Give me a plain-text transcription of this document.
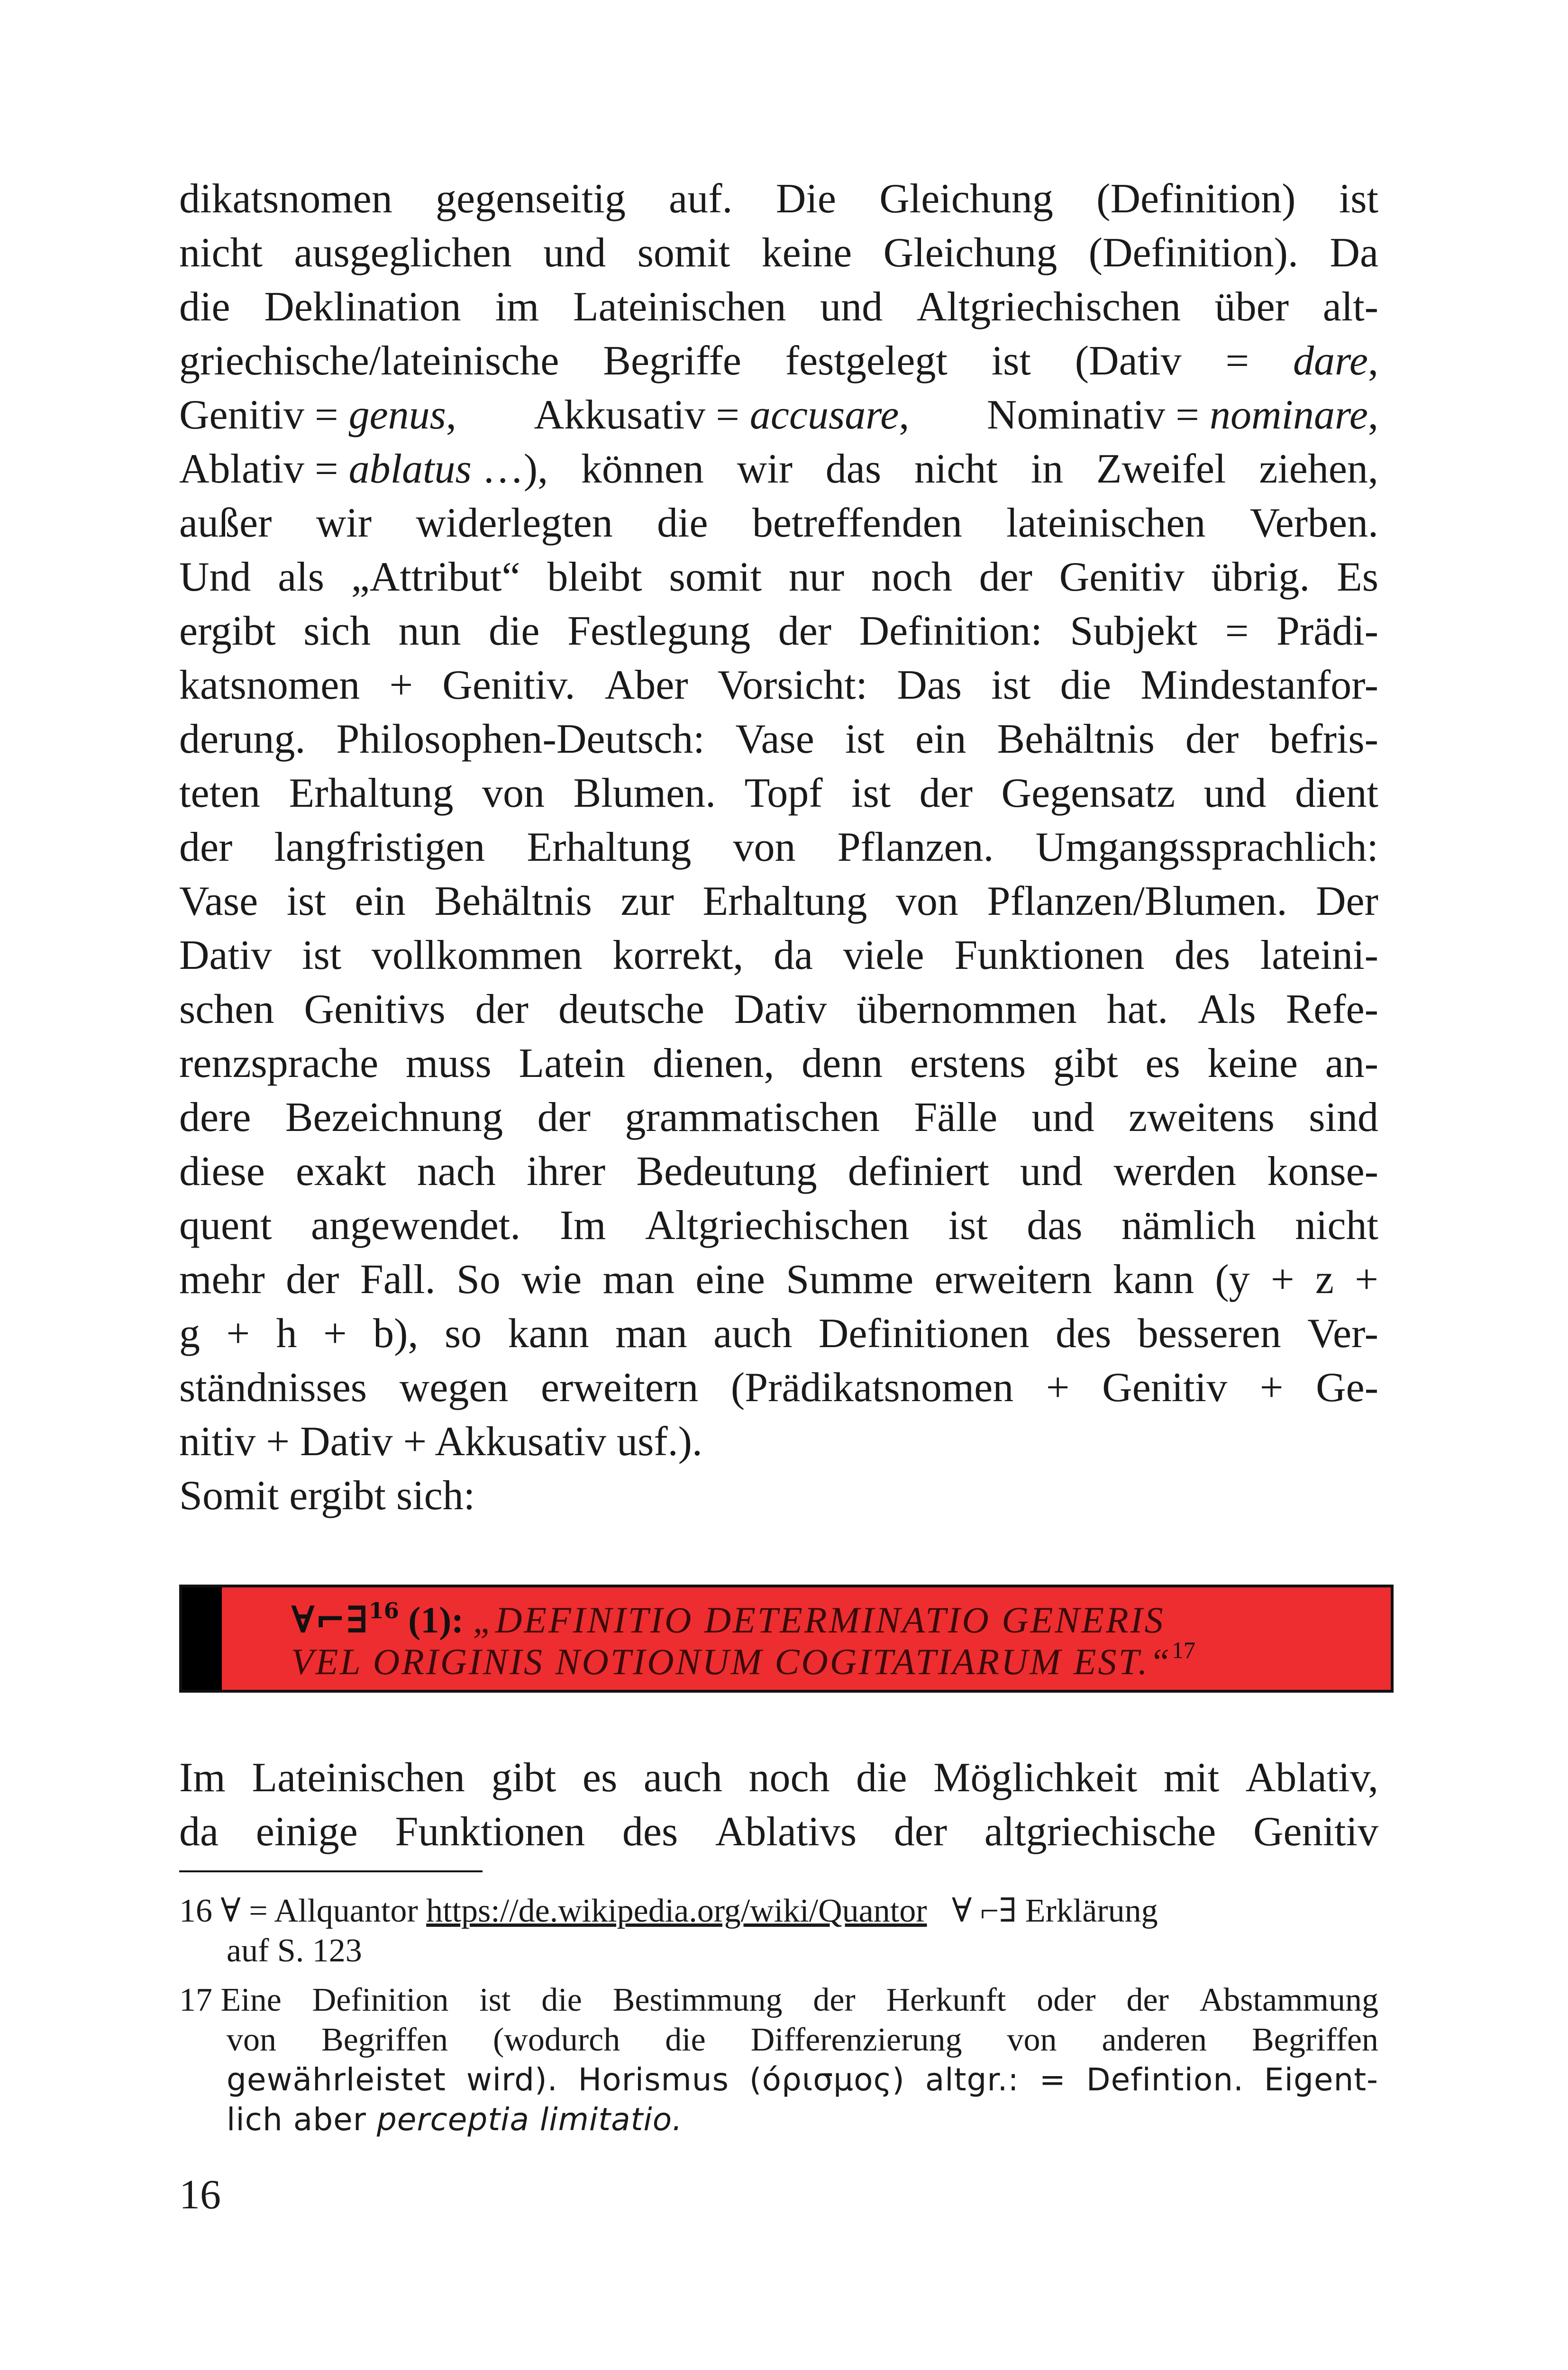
dikatsnomen gegenseitig auf. Die Gleichung (Definition) ist
nicht ausgeglichen und somit keine Gleichung (Definition). Da
die Deklination im Lateinischen und Altgriechischen über alt-
griechische/lateinische Begriffe festgelegt ist (Dativ = dare,
Genitiv = genus, Akkusativ = accusare, Nominativ = nominare,
Ablativ = ablatus …), können wir das nicht in Zweifel ziehen,
außer wir widerlegten die betreffenden lateinischen Verben.
Und als „Attribut“ bleibt somit nur noch der Genitiv übrig. Es
ergibt sich nun die Festlegung der Definition: Subjekt = Prädi-
katsnomen + Genitiv. Aber Vorsicht: Das ist die Mindestanfor-
derung. Philosophen-Deutsch: Vase ist ein Behältnis der befris-
teten Erhaltung von Blumen. Topf ist der Gegensatz und dient
der langfristigen Erhaltung von Pflanzen. Umgangssprachlich:
Vase ist ein Behältnis zur Erhaltung von Pflanzen/Blumen. Der
Dativ ist vollkommen korrekt, da viele Funktionen des lateini-
schen Genitivs der deutsche Dativ übernommen hat. Als Refe-
renzsprache muss Latein dienen, denn erstens gibt es keine an-
dere Bezeichnung der grammatischen Fälle und zweitens sind
diese exakt nach ihrer Bedeutung definiert und werden konse-
quent angewendet. Im Altgriechischen ist das nämlich nicht
mehr der Fall. So wie man eine Summe erweitern kann (y + z +
g + h + b), so kann man auch Definitionen des besseren Ver-
ständnisses wegen erweitern (Prädikatsnomen + Genitiv + Ge-
nitiv + Dativ + Akkusativ usf.).
Somit ergibt sich:
∀⌐∃$^{16}$ (1): „DEFINITIO DETERMINATIO GENERIS
VEL ORIGINIS NOTIONUM COGITATIARUM EST.“$^{17}$
Im Lateinischen gibt es auch noch die Möglichkeit mit Ablativ,
da einige Funktionen des Ablativs der altgriechische Genitiv
16
∀ = Allquantor
https://de.wikipedia.org/wiki/Quantor
∀ ⌐∃ Erklärung
auf S. 123
17 Eine Definition ist die Bestimmung der Herkunft oder der Abstammung
von Begriffen (wodurch die Differenzierung von anderen Begriffen
gewährleistet wird). Horismus (όρισμος) altgr.: = Defintion. Eigent-
lich aber
perceptia limitatio.
16
